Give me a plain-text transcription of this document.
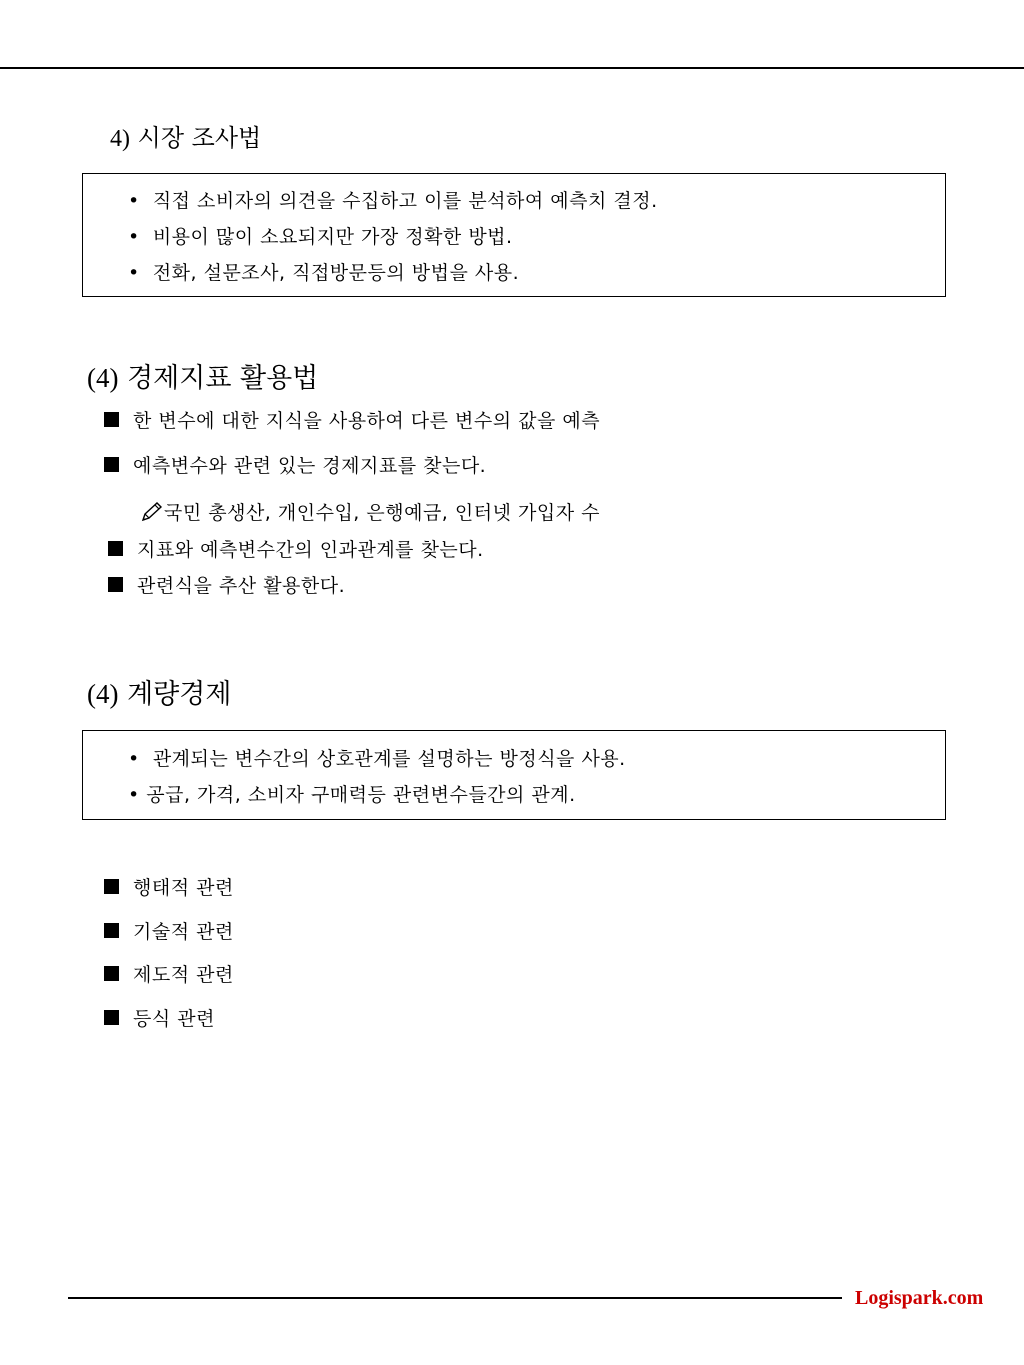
4) 시장 조사법
• 직접 소비자의 의견을 수집하고 이를 분석하여 예측치 결정.
• 비용이 많이 소요되지만 가장 정확한 방법.
• 전화, 설문조사, 직접방문등의 방법을 사용.
(4) 경제지표 활용법
한 변수에 대한 지식을 사용하여 다른 변수의 값을 예측
예측변수와 관련 있는 경제지표를 찾는다.
국민 총생산, 개인수입, 은행예금, 인터넷 가입자 수
지표와 예측변수간의 인과관계를 찾는다.
관련식을 추산 활용한다.
(4) 계량경제
• 관계되는 변수간의 상호관계를 설명하는 방정식을 사용.
• 공급, 가격, 소비자 구매력등 관련변수들간의 관계.
행태적 관련
기술적 관련
제도적 관련
등식 관련
Logispark.com
